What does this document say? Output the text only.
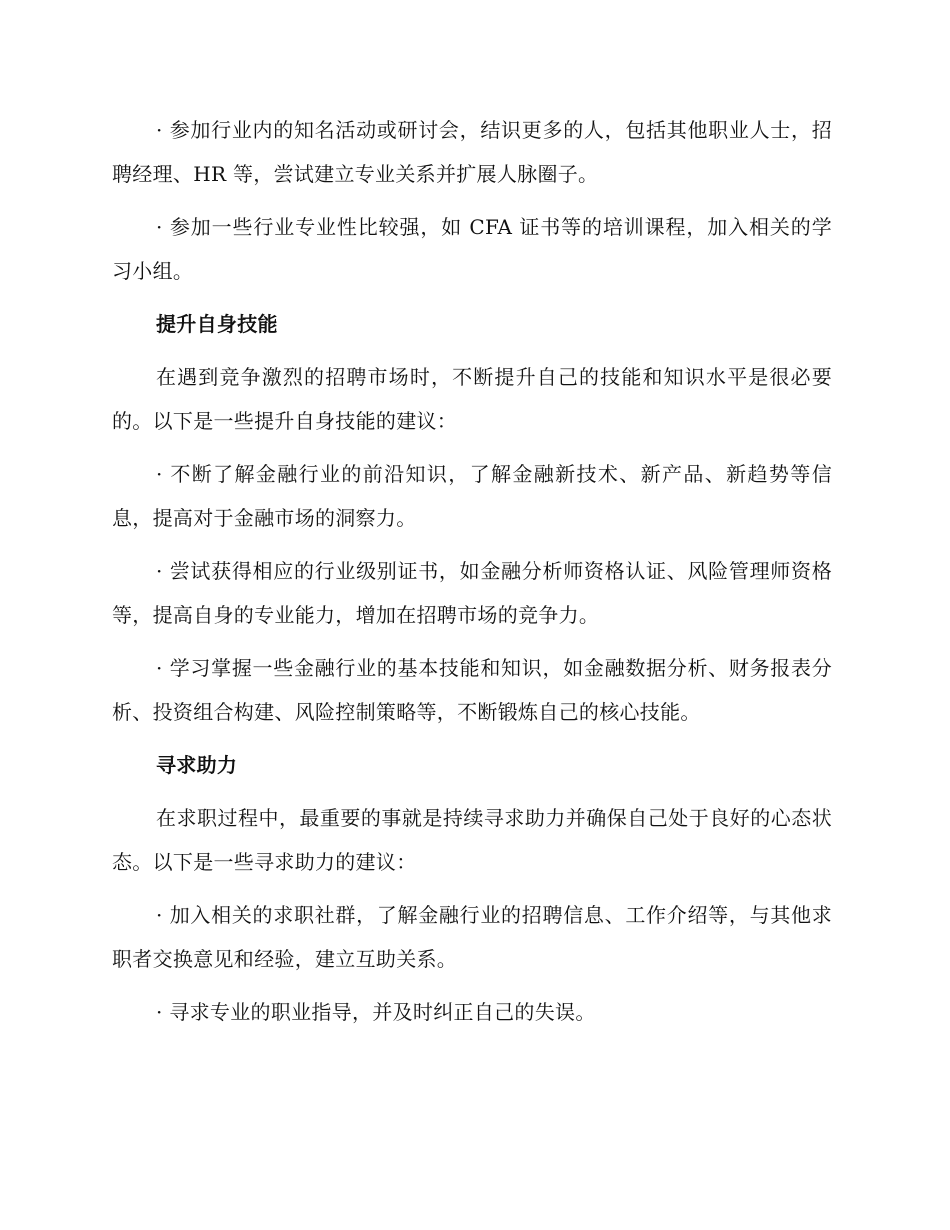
· 参加行业内的知名活动或研讨会，结识更多的人，包括其他职业人士，招聘经理、HR 等，尝试建立专业关系并扩展人脉圈子。

· 参加一些行业专业性比较强，如 CFA 证书等的培训课程，加入相关的学习小组。

提升自身技能

在遇到竞争激烈的招聘市场时，不断提升自己的技能和知识水平是很必要的。以下是一些提升自身技能的建议：

· 不断了解金融行业的前沿知识，了解金融新技术、新产品、新趋势等信息，提高对于金融市场的洞察力。

· 尝试获得相应的行业级别证书，如金融分析师资格认证、风险管理师资格等，提高自身的专业能力，增加在招聘市场的竞争力。

· 学习掌握一些金融行业的基本技能和知识，如金融数据分析、财务报表分析、投资组合构建、风险控制策略等，不断锻炼自己的核心技能。

寻求助力

在求职过程中，最重要的事就是持续寻求助力并确保自己处于良好的心态状态。以下是一些寻求助力的建议：

· 加入相关的求职社群，了解金融行业的招聘信息、工作介绍等，与其他求职者交换意见和经验，建立互助关系。

· 寻求专业的职业指导，并及时纠正自己的失误。
